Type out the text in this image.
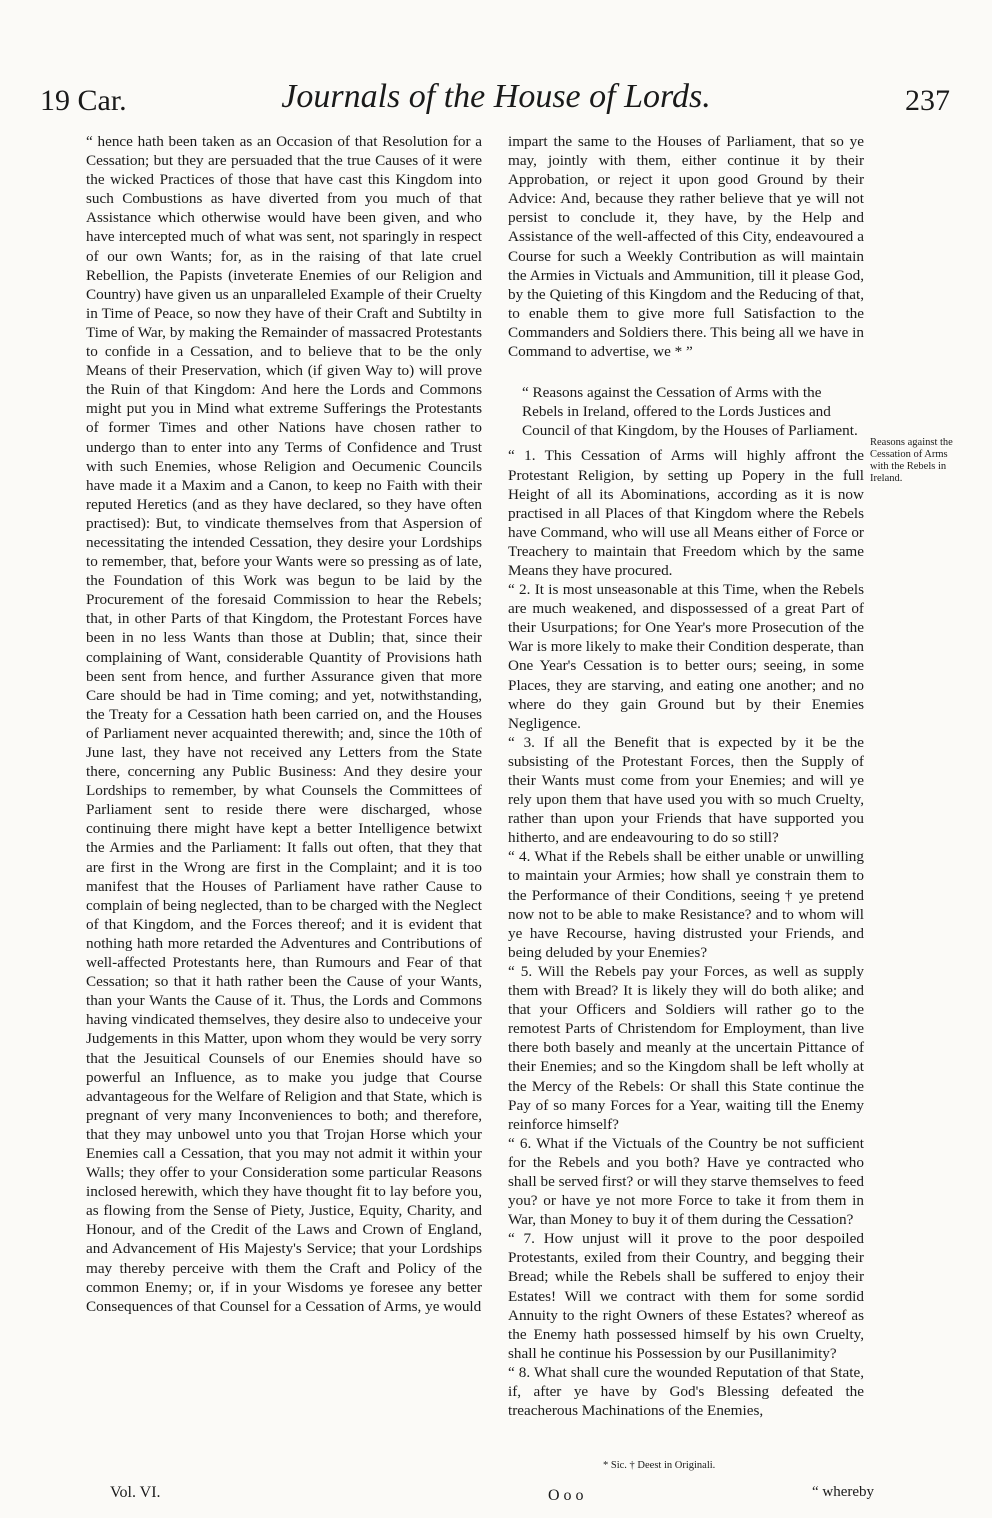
19 Car.	Journals of the House of Lords.	237

“ hence hath been taken as an Occasion of that Resolution for a Cessation; but they are persuaded that the true Causes of it were the wicked Practices of those that have cast this Kingdom into such Combustions as have diverted from you much of that Assistance which otherwise would have been given, and who have intercepted much of what was sent, not sparingly in respect of our own Wants; for, as in the raising of that late cruel Rebellion, the Papists (inveterate Enemies of our Religion and Country) have given us an unparalleled Example of their Cruelty in Time of Peace, so now they have of their Craft and Subtilty in Time of War, by making the Remainder of massacred Protestants to confide in a Cessation, and to believe that to be the only Means of their Preservation, which (if given Way to) will prove the Ruin of that Kingdom: And here the Lords and Commons might put you in Mind what extreme Sufferings the Protestants of former Times and other Nations have chosen rather to undergo than to enter into any Terms of Confidence and Trust with such Enemies, whose Religion and Oecumenic Councils have made it a Maxim and a Canon, to keep no Faith with their reputed Heretics (and as they have declared, so they have often practised): But, to vindicate themselves from that Aspersion of necessitating the intended Cessation, they desire your Lordships to remember, that, before your Wants were so pressing as of late, the Foundation of this Work was begun to be laid by the Procurement of the foresaid Commission to hear the Rebels; that, in other Parts of that Kingdom, the Protestant Forces have been in no less Wants than those at Dublin; that, since their complaining of Want, considerable Quantity of Provisions hath been sent from hence, and further Assurance given that more Care should be had in Time coming; and yet, notwithstanding, the Treaty for a Cessation hath been carried on, and the Houses of Parliament never acquainted therewith; and, since the 10th of June last, they have not received any Letters from the State there, concerning any Public Business: And they desire your Lordships to remember, by what Counsels the Committees of Parliament sent to reside there were discharged, whose continuing there might have kept a better Intelligence betwixt the Armies and the Parliament: It falls out often, that they that are first in the Wrong are first in the Complaint; and it is too manifest that the Houses of Parliament have rather Cause to complain of being neglected, than to be charged with the Neglect of that Kingdom, and the Forces thereof; and it is evident that nothing hath more retarded the Adventures and Contributions of well-affected Protestants here, than Rumours and Fear of that Cessation; so that it hath rather been the Cause of your Wants, than your Wants the Cause of it. Thus, the Lords and Commons having vindicated themselves, they desire also to undeceive your Judgements in this Matter, upon whom they would be very sorry that the Jesuitical Counsels of our Enemies should have so powerful an Influence, as to make you judge that Course advantageous for the Welfare of Religion and that State, which is pregnant of very many Inconveniences to both; and therefore, that they may unbowel unto you that Trojan Horse which your Enemies call a Cessation, that you may not admit it within your Walls; they offer to your Consideration some particular Reasons inclosed herewith, which they have thought fit to lay before you, as flowing from the Sense of Piety, Justice, Equity, Charity, and Honour, and of the Credit of the Laws and Crown of England, and Advancement of His Majesty's Service; that your Lordships may thereby perceive with them the Craft and Policy of the common Enemy; or, if in your Wisdoms ye foresee any better Consequences of that Counsel for a Cessation of Arms, ye would

impart the same to the Houses of Parliament, that so ye may, jointly with them, either continue it by their Approbation, or reject it upon good Ground by their Advice: And, because they rather believe that ye will not persist to conclude it, they have, by the Help and Assistance of the well-affected of this City, endeavoured a Course for such a Weekly Contribution as will maintain the Armies in Victuals and Ammunition, till it please God, by the Quieting of this Kingdom and the Reducing of that, to enable them to give more full Satisfaction to the Commanders and Soldiers there. This being all we have in Command to advertise, we * ”

“ Reasons against the Cessation of Arms with the Rebels in Ireland, offered to the Lords Justices and Council of that Kingdom, by the Houses of Parliament.

“ 1. This Cessation of Arms will highly affront the Protestant Religion, by setting up Popery in the full Height of all its Abominations, according as it is now practised in all Places of that Kingdom where the Rebels have Command, who will use all Means either of Force or Treachery to maintain that Freedom which by the same Means they have procured.

“ 2. It is most unseasonable at this Time, when the Rebels are much weakened, and dispossessed of a great Part of their Usurpations; for One Year's more Prosecution of the War is more likely to make their Condition desperate, than One Year's Cessation is to better ours; seeing, in some Places, they are starving, and eating one another; and no where do they gain Ground but by their Enemies Negligence.

“ 3. If all the Benefit that is expected by it be the subsisting of the Protestant Forces, then the Supply of their Wants must come from your Enemies; and will ye rely upon them that have used you with so much Cruelty, rather than upon your Friends that have supported you hitherto, and are endeavouring to do so still?

“ 4. What if the Rebels shall be either unable or unwilling to maintain your Armies; how shall ye constrain them to the Performance of their Conditions, seeing † ye pretend now not to be able to make Resistance? and to whom will ye have Recourse, having distrusted your Friends, and being deluded by your Enemies?

“ 5. Will the Rebels pay your Forces, as well as supply them with Bread? It is likely they will do both alike; and that your Officers and Soldiers will rather go to the remotest Parts of Christendom for Employment, than live there both basely and meanly at the uncertain Pittance of their Enemies; and so the Kingdom shall be left wholly at the Mercy of the Rebels: Or shall this State continue the Pay of so many Forces for a Year, waiting till the Enemy reinforce himself?

“ 6. What if the Victuals of the Country be not sufficient for the Rebels and you both? Have ye contracted who shall be served first? or will they starve themselves to feed you? or have ye not more Force to take it from them in War, than Money to buy it of them during the Cessation?

“ 7. How unjust will it prove to the poor despoiled Protestants, exiled from their Country, and begging their Bread; while the Rebels shall be suffered to enjoy their Estates! Will we contract with them for some sordid Annuity to the right Owners of these Estates? whereof as the Enemy hath possessed himself by his own Cruelty, shall he continue his Possession by our Pusillanimity?

“ 8. What shall cure the wounded Reputation of that State, if, after ye have by God's Blessing defeated the treacherous Machinations of the Enemies,

Reasons against the Cessation of Arms with the Rebels in Ireland.
* Sic. † Deest in Originali.
Vol. VI.	Ooo	“ whereby
